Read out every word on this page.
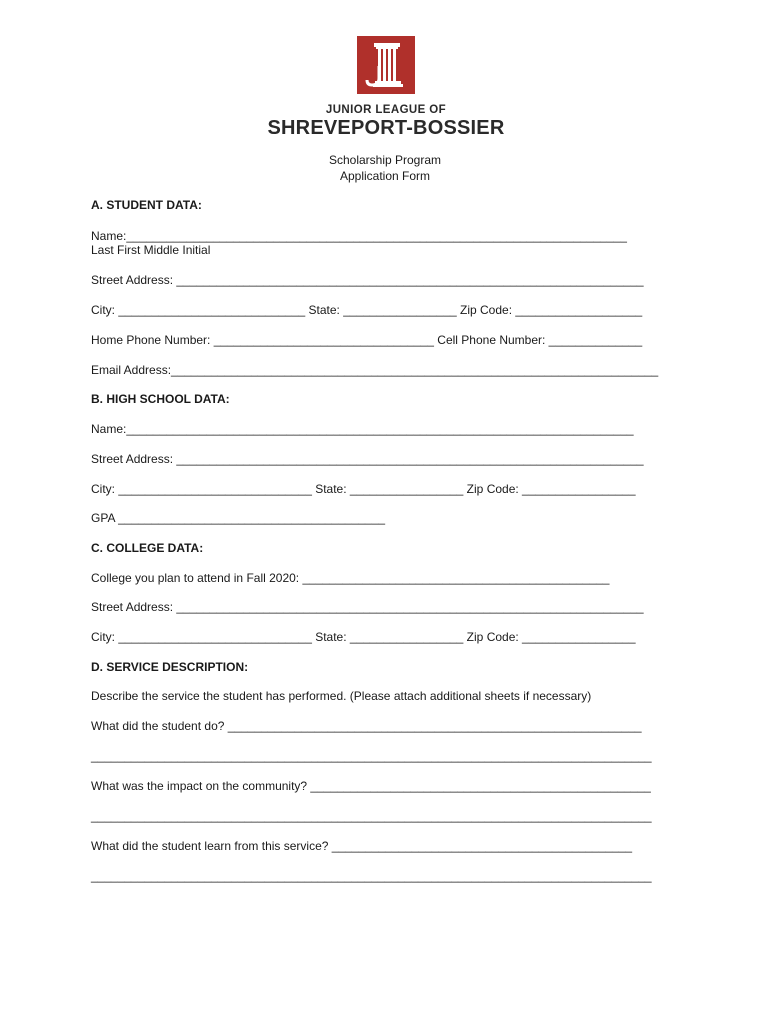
JUNIOR LEAGUE OF
SHREVEPORT-BOSSIER
Scholarship Program
Application Form
A. STUDENT DATA:
Name:___________________________________________________________________________
Last First Middle Initial
Street Address: ______________________________________________________________________
City: ____________________________ State: _________________ Zip Code: ___________________
Home Phone Number: _________________________________ Cell Phone Number: ______________
Email Address:_________________________________________________________________________
B. HIGH SCHOOL DATA:
Name:____________________________________________________________________________
Street Address: ______________________________________________________________________
City: _____________________________ State: _________________ Zip Code: _________________
GPA ________________________________________
C. COLLEGE DATA:
College you plan to attend in Fall 2020: ______________________________________________
Street Address: ______________________________________________________________________
City: _____________________________ State: _________________ Zip Code: _________________
D. SERVICE DESCRIPTION:
Describe the service the student has performed. (Please attach additional sheets if necessary)
What did the student do? ______________________________________________________________
____________________________________________________________________________________
What was the impact on the community? ___________________________________________________
____________________________________________________________________________________
What did the student learn from this service? _____________________________________________
____________________________________________________________________________________
